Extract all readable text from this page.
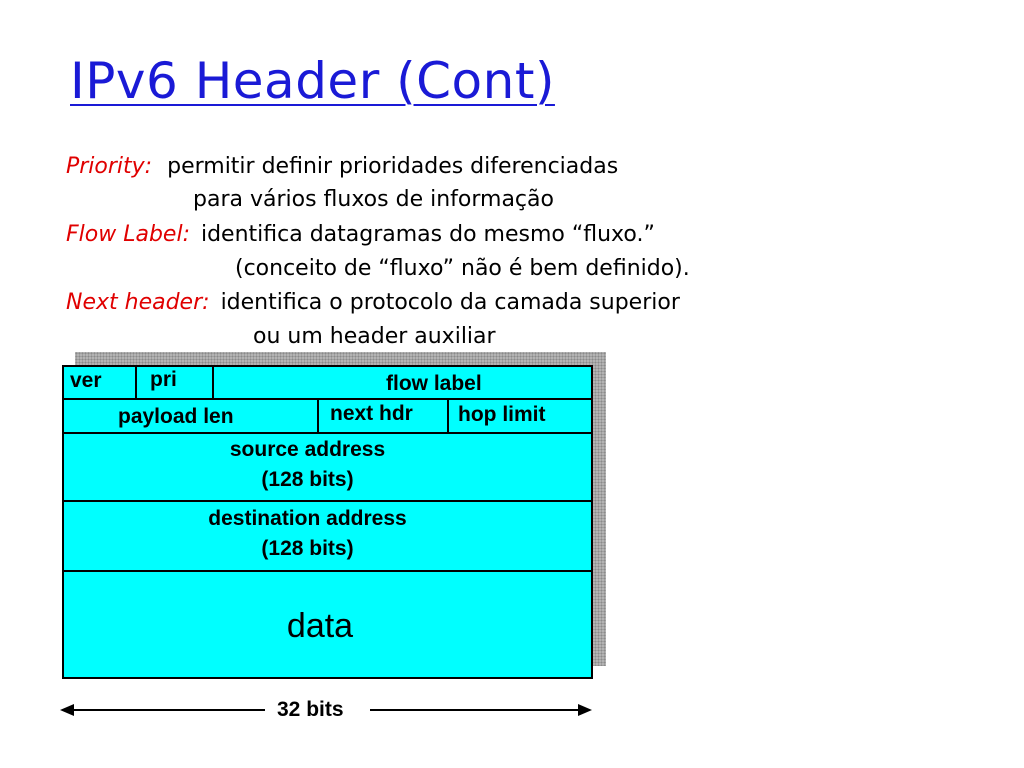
IPv6 Header (Cont)
Priority: permitir definir prioridades diferenciadas
para vários fluxos de informação
Flow Label: identifica datagramas do mesmo “fluxo.”
(conceito de “fluxo” não é bem definido).
Next header: identifica o protocolo da camada superior
ou um header auxiliar
ver pri	flow label
payload len	next hdr hop limit
source address
(128 bits)
destination address
(128 bits)
data
32 bits
